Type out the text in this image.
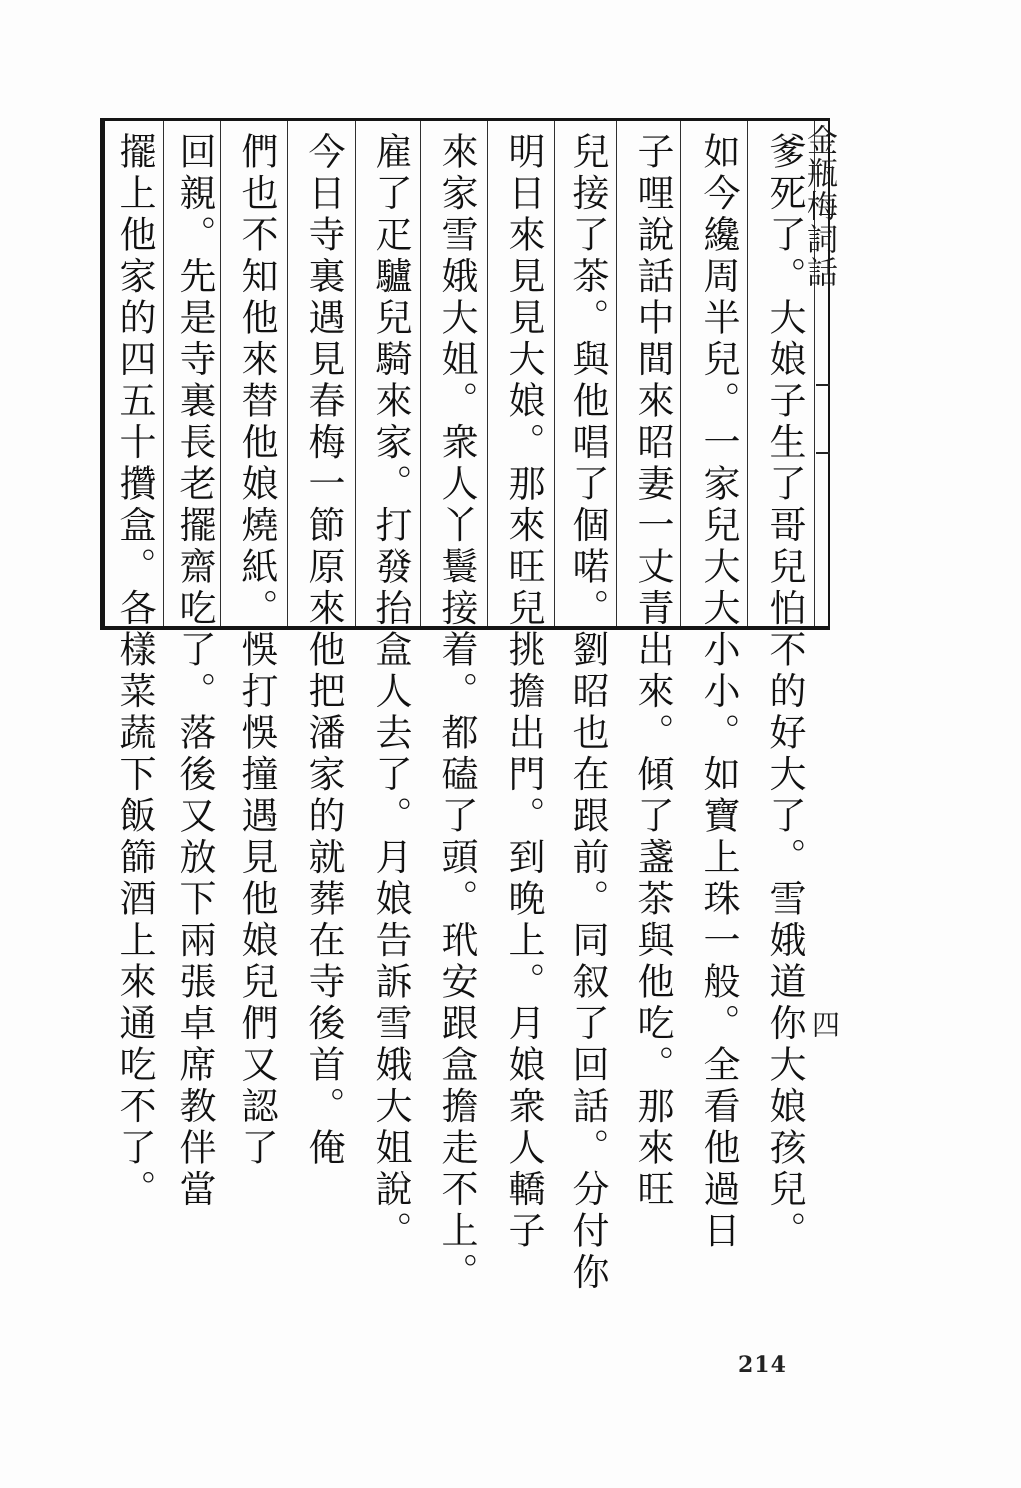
金瓶梅詞話
四
爹死了。大娘子生了哥兒怕不的好大了。雪娥道你大娘孩兒。
如今纔周半兒。一家兒大大小小。如寶上珠一般。全看他過日
子哩說話中間來昭妻一丈青出來。傾了盞茶與他吃。那來旺
兒接了茶。與他唱了個喏。劉昭也在跟前。同叙了回話。分付你
明日來見見大娘。那來旺兒挑擔出門。到晚上。月娘衆人轎子
來家雪娥大姐。衆人丫鬟接着。都磕了頭。玳安跟盒擔走不上。
雇了疋驢兒騎來家。打發抬盒人去了。月娘告訴雪娥大姐說。
今日寺裏遇見春梅一節原來他把潘家的就葬在寺後首。俺
們也不知他來替他娘燒紙。悞打悞撞遇見他娘兒們又認了
回親。先是寺裏長老擺齋吃了。落後又放下兩張卓席教伴當
擺上他家的四五十攢盒。各樣菜蔬下飯篩酒上來通吃不了。
214
